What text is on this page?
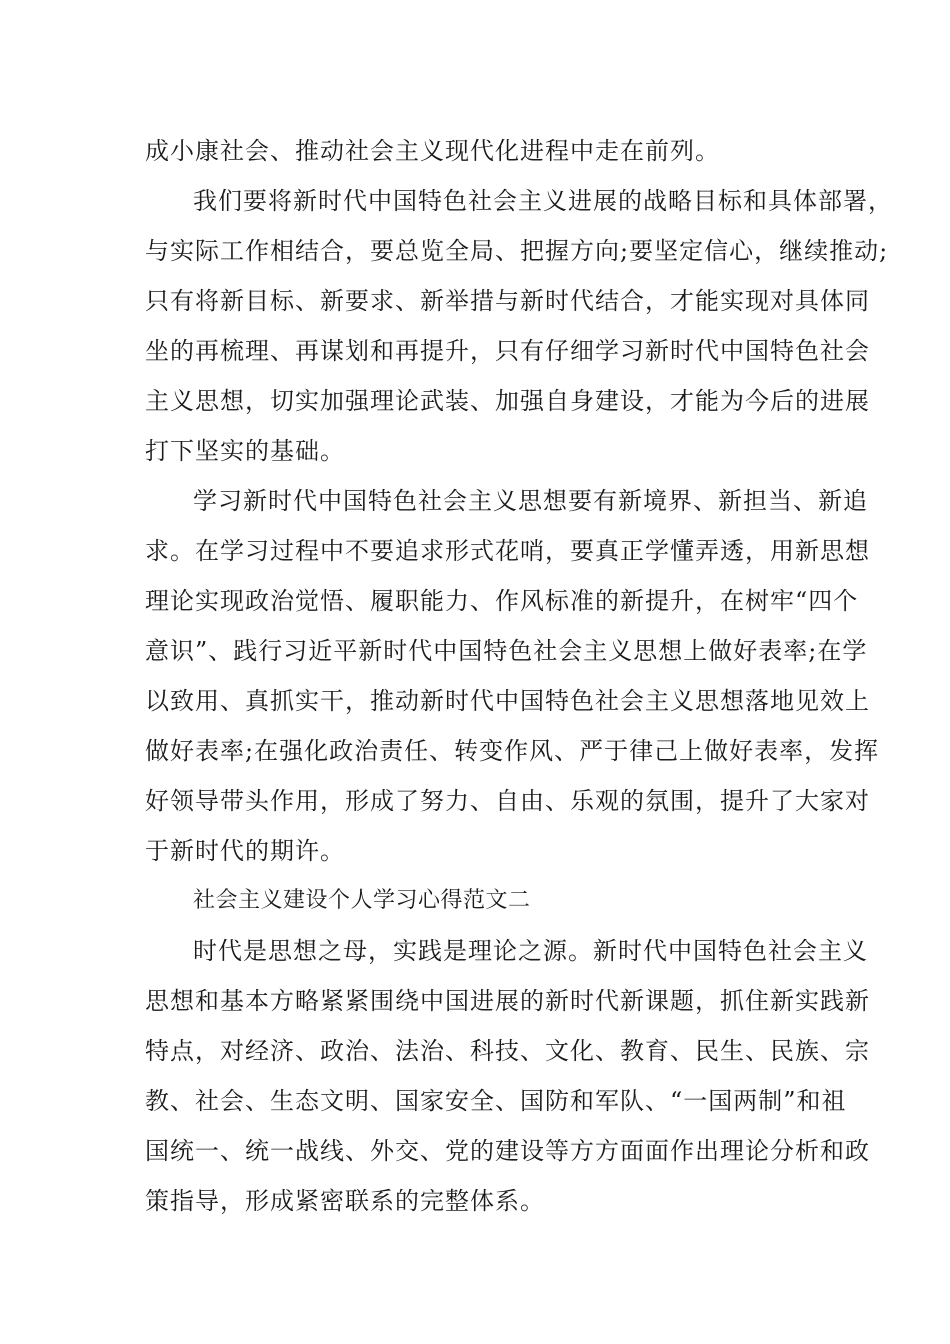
成小康社会、推动社会主义现代化进程中走在前列。
我们要将新时代中国特色社会主义进展的战略目标和具体部署，
与实际工作相结合，要总览全局、把握方向;要坚定信心，继续推动;
只有将新目标、新要求、新举措与新时代结合，才能实现对具体同
坐的再梳理、再谋划和再提升，只有仔细学习新时代中国特色社会
主义思想，切实加强理论武装、加强自身建设，才能为今后的进展
打下坚实的基础。
学习新时代中国特色社会主义思想要有新境界、新担当、新追
求。在学习过程中不要追求形式花哨，要真正学懂弄透，用新思想
理论实现政治觉悟、履职能力、作风标准的新提升，在树牢“四个
意识”、践行习近平新时代中国特色社会主义思想上做好表率;在学
以致用、真抓实干，推动新时代中国特色社会主义思想落地见效上
做好表率;在强化政治责任、转变作风、严于律己上做好表率，发挥
好领导带头作用，形成了努力、自由、乐观的氛围，提升了大家对
于新时代的期许。
社会主义建设个人学习心得范文二
时代是思想之母，实践是理论之源。新时代中国特色社会主义
思想和基本方略紧紧围绕中国进展的新时代新课题，抓住新实践新
特点，对经济、政治、法治、科技、文化、教育、民生、民族、宗
教、社会、生态文明、国家安全、国防和军队、“一国两制”和祖
国统一、统一战线、外交、党的建设等方方面面作出理论分析和政
策指导，形成紧密联系的完整体系。
